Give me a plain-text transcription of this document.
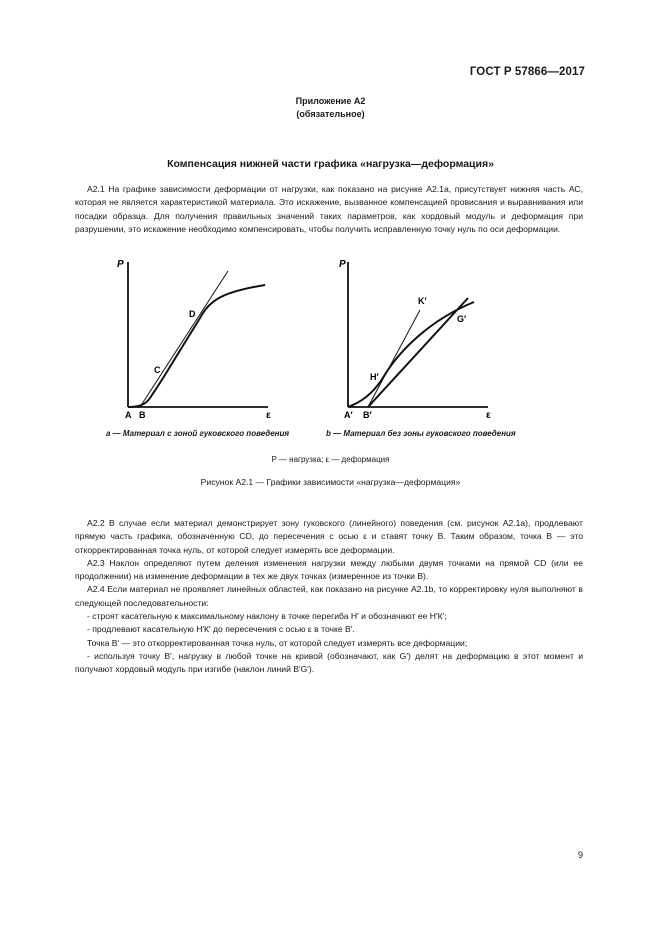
ГОСТ Р 57866—2017
Приложение А2
(обязательное)
Компенсация нижней части графика «нагрузка—деформация»

А2.1 На графике зависимости деформации от нагрузки, как показано на рисунке А2.1а, присутствует нижняя часть АС, которая не является характеристикой материала. Это искажение, вызванное компенсацией провисания и выравнивания или посадки образца. Для получения правильных значений таких параметров, как хордовый модуль и деформация при разрушении, это искажение необходимо компенсировать, чтобы получить исправленную точку нуль по оси деформации.

P
ε
A B
C
D
P
ε
A′ B′
H′
K′
G′
а — Материал с зоной гуковского поведения	b — Материал без зоны гуковского поведения
P — нагрузка; ε — деформация
Рисунок А2.1 — Графики зависимости «нагрузка—деформация»

А2.2 В случае если материал демонстрирует зону гуковского (линейного) поведения (см. рисунок А2.1а), продлевают прямую часть графика, обозначенную CD, до пересечения с осью ε и ставят точку В. Таким образом, точка В — это откорректированная точка нуль, от которой следует измерять все деформации.

А2.3 Наклон определяют путем деления изменения нагрузки между любыми двумя точками на прямой CD (или ее продолжении) на изменение деформации в тех же двух точках (измеренное из точки В).

А2.4 Если материал не проявляет линейных областей, как показано на рисунке А2.1b, то корректировку нуля выполняют в следующей последовательности:

- строят касательную к максимальному наклону в точке перегиба Н′ и обозначают ее Н′К′;

- продлевают касательную Н′К′ до пересечения с осью ε в точке В′.

Точка В′ — это откорректированная точка нуль, от которой следует измерять все деформации;

- используя точку В′, нагрузку в любой точке на кривой (обозначают, как G′) делят на деформацию в этот момент и получают хордовый модуль при изгибе (наклон линий В′G′).

9
